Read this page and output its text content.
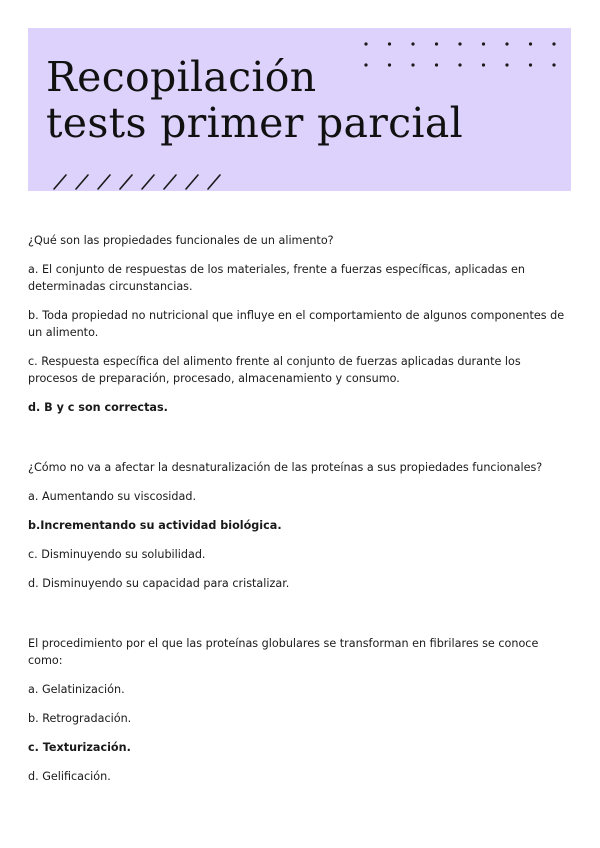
Recopilación
tests primer parcial

¿Qué son las propiedades funcionales de un alimento?

a. El conjunto de respuestas de los materiales, frente a fuerzas específicas, aplicadas en determinadas circunstancias.

b. Toda propiedad no nutricional que influye en el comportamiento de algunos componentes de un alimento.

c. Respuesta específica del alimento frente al conjunto de fuerzas aplicadas durante los procesos de preparación, procesado, almacenamiento y consumo.

d. B y c son correctas.

¿Cómo no va a afectar la desnaturalización de las proteínas a sus propiedades funcionales?

a. Aumentando su viscosidad.

b.Incrementando su actividad biológica.

c. Disminuyendo su solubilidad.

d. Disminuyendo su capacidad para cristalizar.

El procedimiento por el que las proteínas globulares se transforman en fibrilares se conoce como:

a. Gelatinización.

b. Retrogradación.

c. Texturización.

d. Gelificación.
